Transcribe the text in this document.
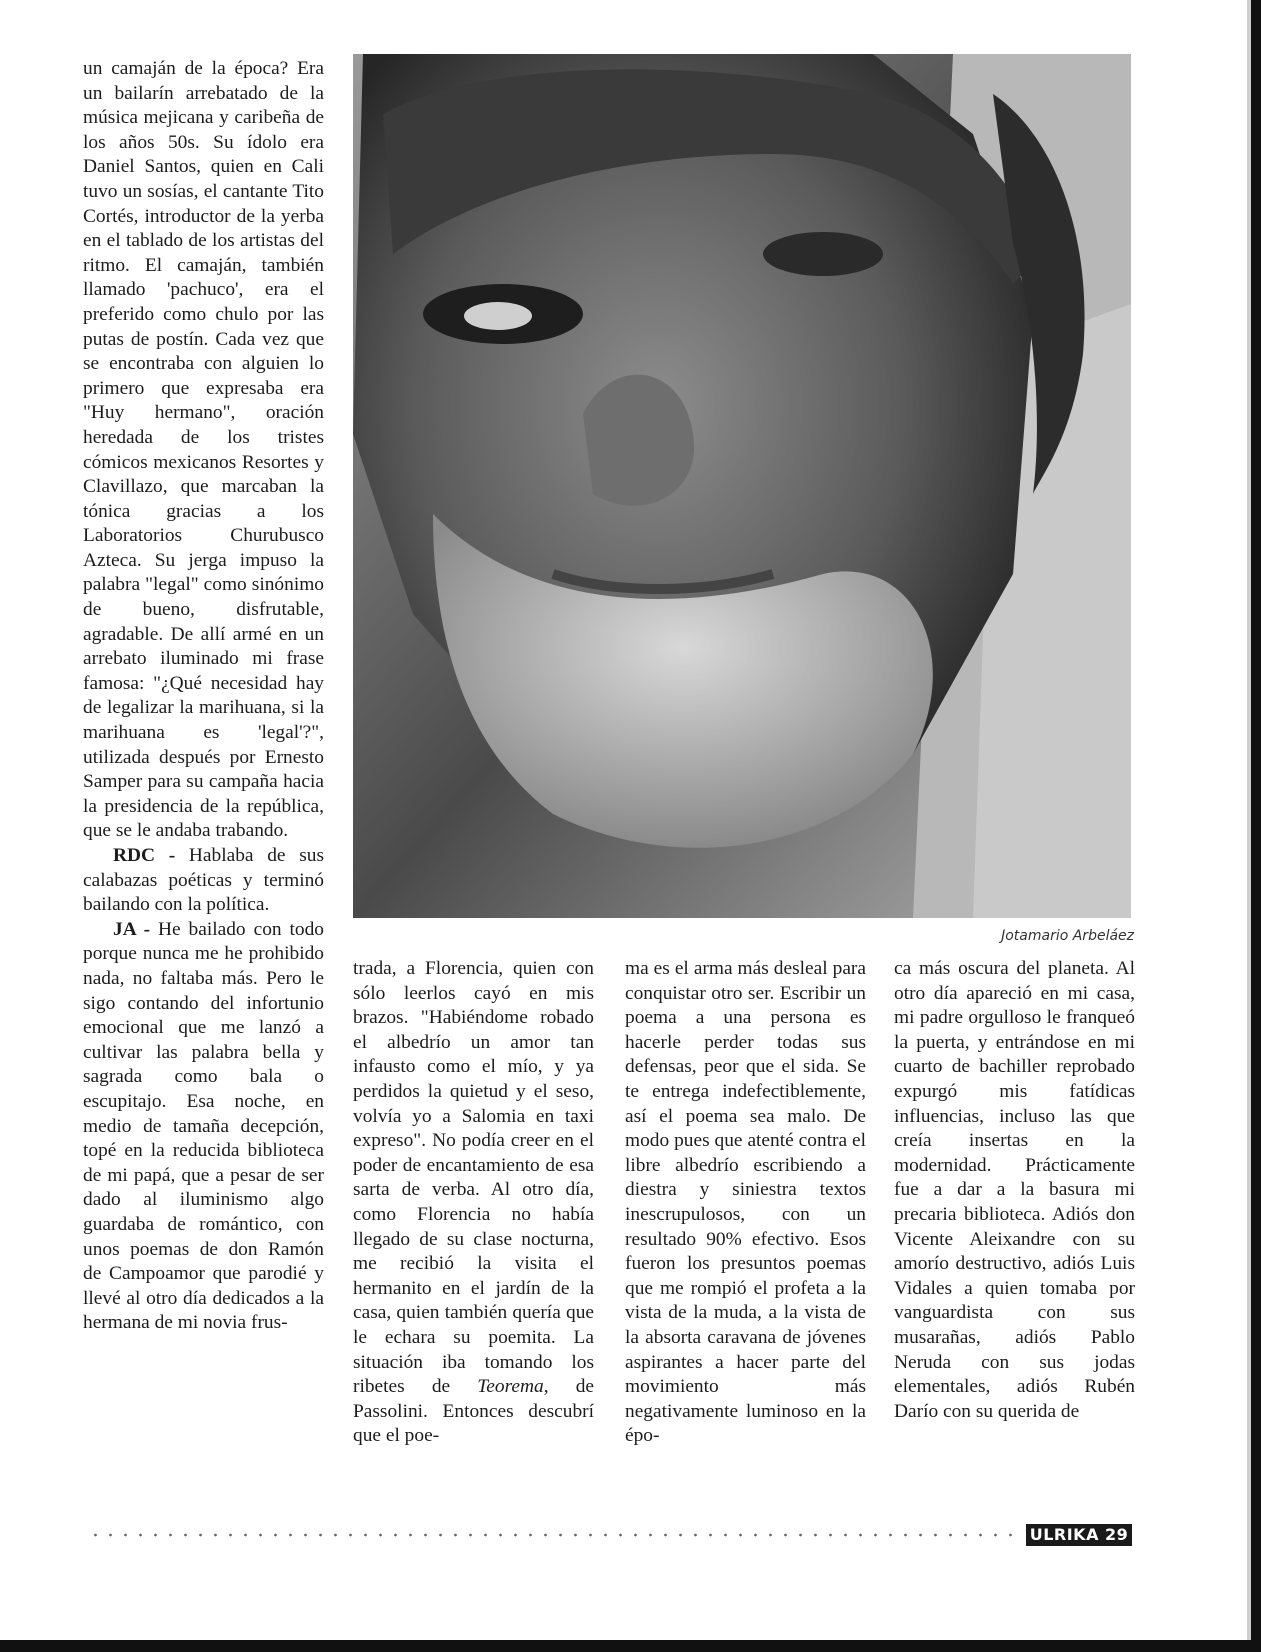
un camaján de la época? Era un bailarín arrebatado de la música mejicana y caribeña de los años 50s. Su ídolo era Daniel Santos, quien en Cali tuvo un sosías, el cantante Tito Cortés, introductor de la yerba en el tablado de los artistas del ritmo. El camaján, también llamado 'pachuco', era el preferido como chulo por las putas de postín. Cada vez que se encontraba con alguien lo primero que expresaba era "Huy hermano", oración heredada de los tristes cómicos mexicanos Resortes y Clavillazo, que marcaban la tónica gracias a los Laboratorios Churubusco Azteca. Su jerga impuso la palabra "legal" como sinónimo de bueno, disfrutable, agradable. De allí armé en un arrebato iluminado mi frase famosa: "¿Qué necesidad hay de legalizar la marihuana, si la marihuana es 'legal'?", utilizada después por Ernesto Samper para su campaña hacia la presidencia de la república, que se le andaba trabando.

RDC - Hablaba de sus calabazas poéticas y terminó bailando con la política.

JA - He bailado con todo porque nunca me he prohibido nada, no faltaba más. Pero le sigo contando del infortunio emocional que me lanzó a cultivar las palabra bella y sagrada como bala o escupitajo. Esa noche, en medio de tamaña decepción, topé en la reducida biblioteca de mi papá, que a pesar de ser dado al iluminismo algo guardaba de romántico, con unos poemas de don Ramón de Campoamor que parodié y llevé al otro día dedicados a la hermana de mi novia frus-

Jotamario Arbeláez

trada, a Florencia, quien con sólo leerlos cayó en mis brazos. "Habiéndome robado el albedrío un amor tan infausto como el mío, y ya perdidos la quietud y el seso, volvía yo a Salomia en taxi expreso". No podía creer en el poder de encantamiento de esa sarta de verba. Al otro día, como Florencia no había llegado de su clase nocturna, me recibió la visita el hermanito en el jardín de la casa, quien también quería que le echara su poemita. La situación iba tomando los ribetes de Teorema, de Passolini. Entonces descubrí que el poe-

ma es el arma más desleal para conquistar otro ser. Escribir un poema a una persona es hacerle perder todas sus defensas, peor que el sida. Se te entrega indefectiblemente, así el poema sea malo. De modo pues que atenté contra el libre albedrío escribiendo a diestra y siniestra textos inescrupulosos, con un resultado 90% efectivo. Esos fueron los presuntos poemas que me rompió el profeta a la vista de la muda, a la vista de la absorta caravana de jóvenes aspirantes a hacer parte del movimiento más negativamente luminoso en la épo-

ca más oscura del planeta. Al otro día apareció en mi casa, mi padre orgulloso le franqueó la puerta, y entrándose en mi cuarto de bachiller reprobado expurgó mis fatídicas influencias, incluso las que creía insertas en la modernidad. Prácticamente fue a dar a la basura mi precaria biblioteca. Adiós don Vicente Aleixandre con su amorío destructivo, adiós Luis Vidales a quien tomaba por vanguardista con sus musarañas, adiós Pablo Neruda con sus jodas elementales, adiós Rubén Darío con su querida de

ULRIKA 29
